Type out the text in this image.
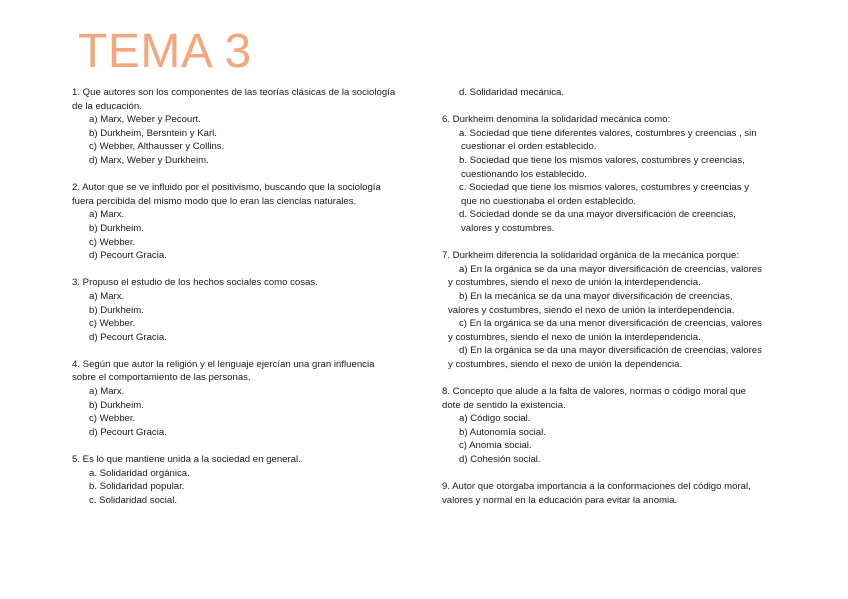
TEMA 3
1. Que autores son los componentes de las teorías clásicas de la sociología
de la educación.
a) Marx, Weber y Pecourt.
b) Durkheim, Bersntein y Karl.
c) Webber, Althausser y Collins.
d) Marx, Weber y Durkheim.
2. Autor que se ve influido por el positivismo, buscando que la sociología
fuera percibida del mismo modo que lo eran las ciencias naturales.
a) Marx.
b) Durkheim.
c) Webber.
d) Pecourt Gracia.
3. Propuso el estudio de los hechos sociales como cosas.
a) Marx.
b) Durkheim.
c) Webber.
d) Pecourt Gracia.
4. Según que autor la religión y el lenguaje ejercían una gran influencia
sobre el comportamiento de las personas.
a) Marx.
b) Durkheim.
c) Webber.
d) Pecourt Gracia.
5. Es lo que mantiene unida a la sociedad en general.
a. Solidaridad orgánica.
b. Solidaridad popular.
c. Solidaridad social.
d. Solidaridad mecánica.
6. Durkheim denomina la solidaridad mecánica como:
a. Sociedad que tiene diferentes valores, costumbres y creencias , sin
cuestionar el orden establecido.
b. Sociedad que tiene los mismos valores, costumbres y creencias,
cuestionando los establecido.
c. Sociedad que tiene los mismos valores, costumbres y creencias y
que no cuestionaba el orden establecido.
d. Sociedad donde se da una mayor diversificación de creencias,
valores y costumbres.
7. Durkheim diferencia la solidaridad orgánica de la mecánica porque:
a) En la orgánica se da una mayor diversificación de creencias, valores
y costumbres, siendo el nexo de unión la interdependencia.
b) En la mecánica se da una mayor diversificación de creencias,
valores y costumbres, siendo el nexo de unión la interdependencia.
c) En la orgánica se da una menor diversificación de creencias, valores
y costumbres, siendo el nexo de unión la interdependencia.
d) En la orgánica se da una mayor diversificación de creencias, valores
y costumbres, siendo el nexo de unión la dependencia.
8. Concepto que alude a la falta de valores, normas o código moral que
dote de sentido la existencia.
a) Código social.
b) Autonomía social.
c) Anomia social.
d) Cohesión social.
9. Autor que otorgaba importancia a la conformaciones del código moral,
valores y normal en la educación para evitar la anomia.
